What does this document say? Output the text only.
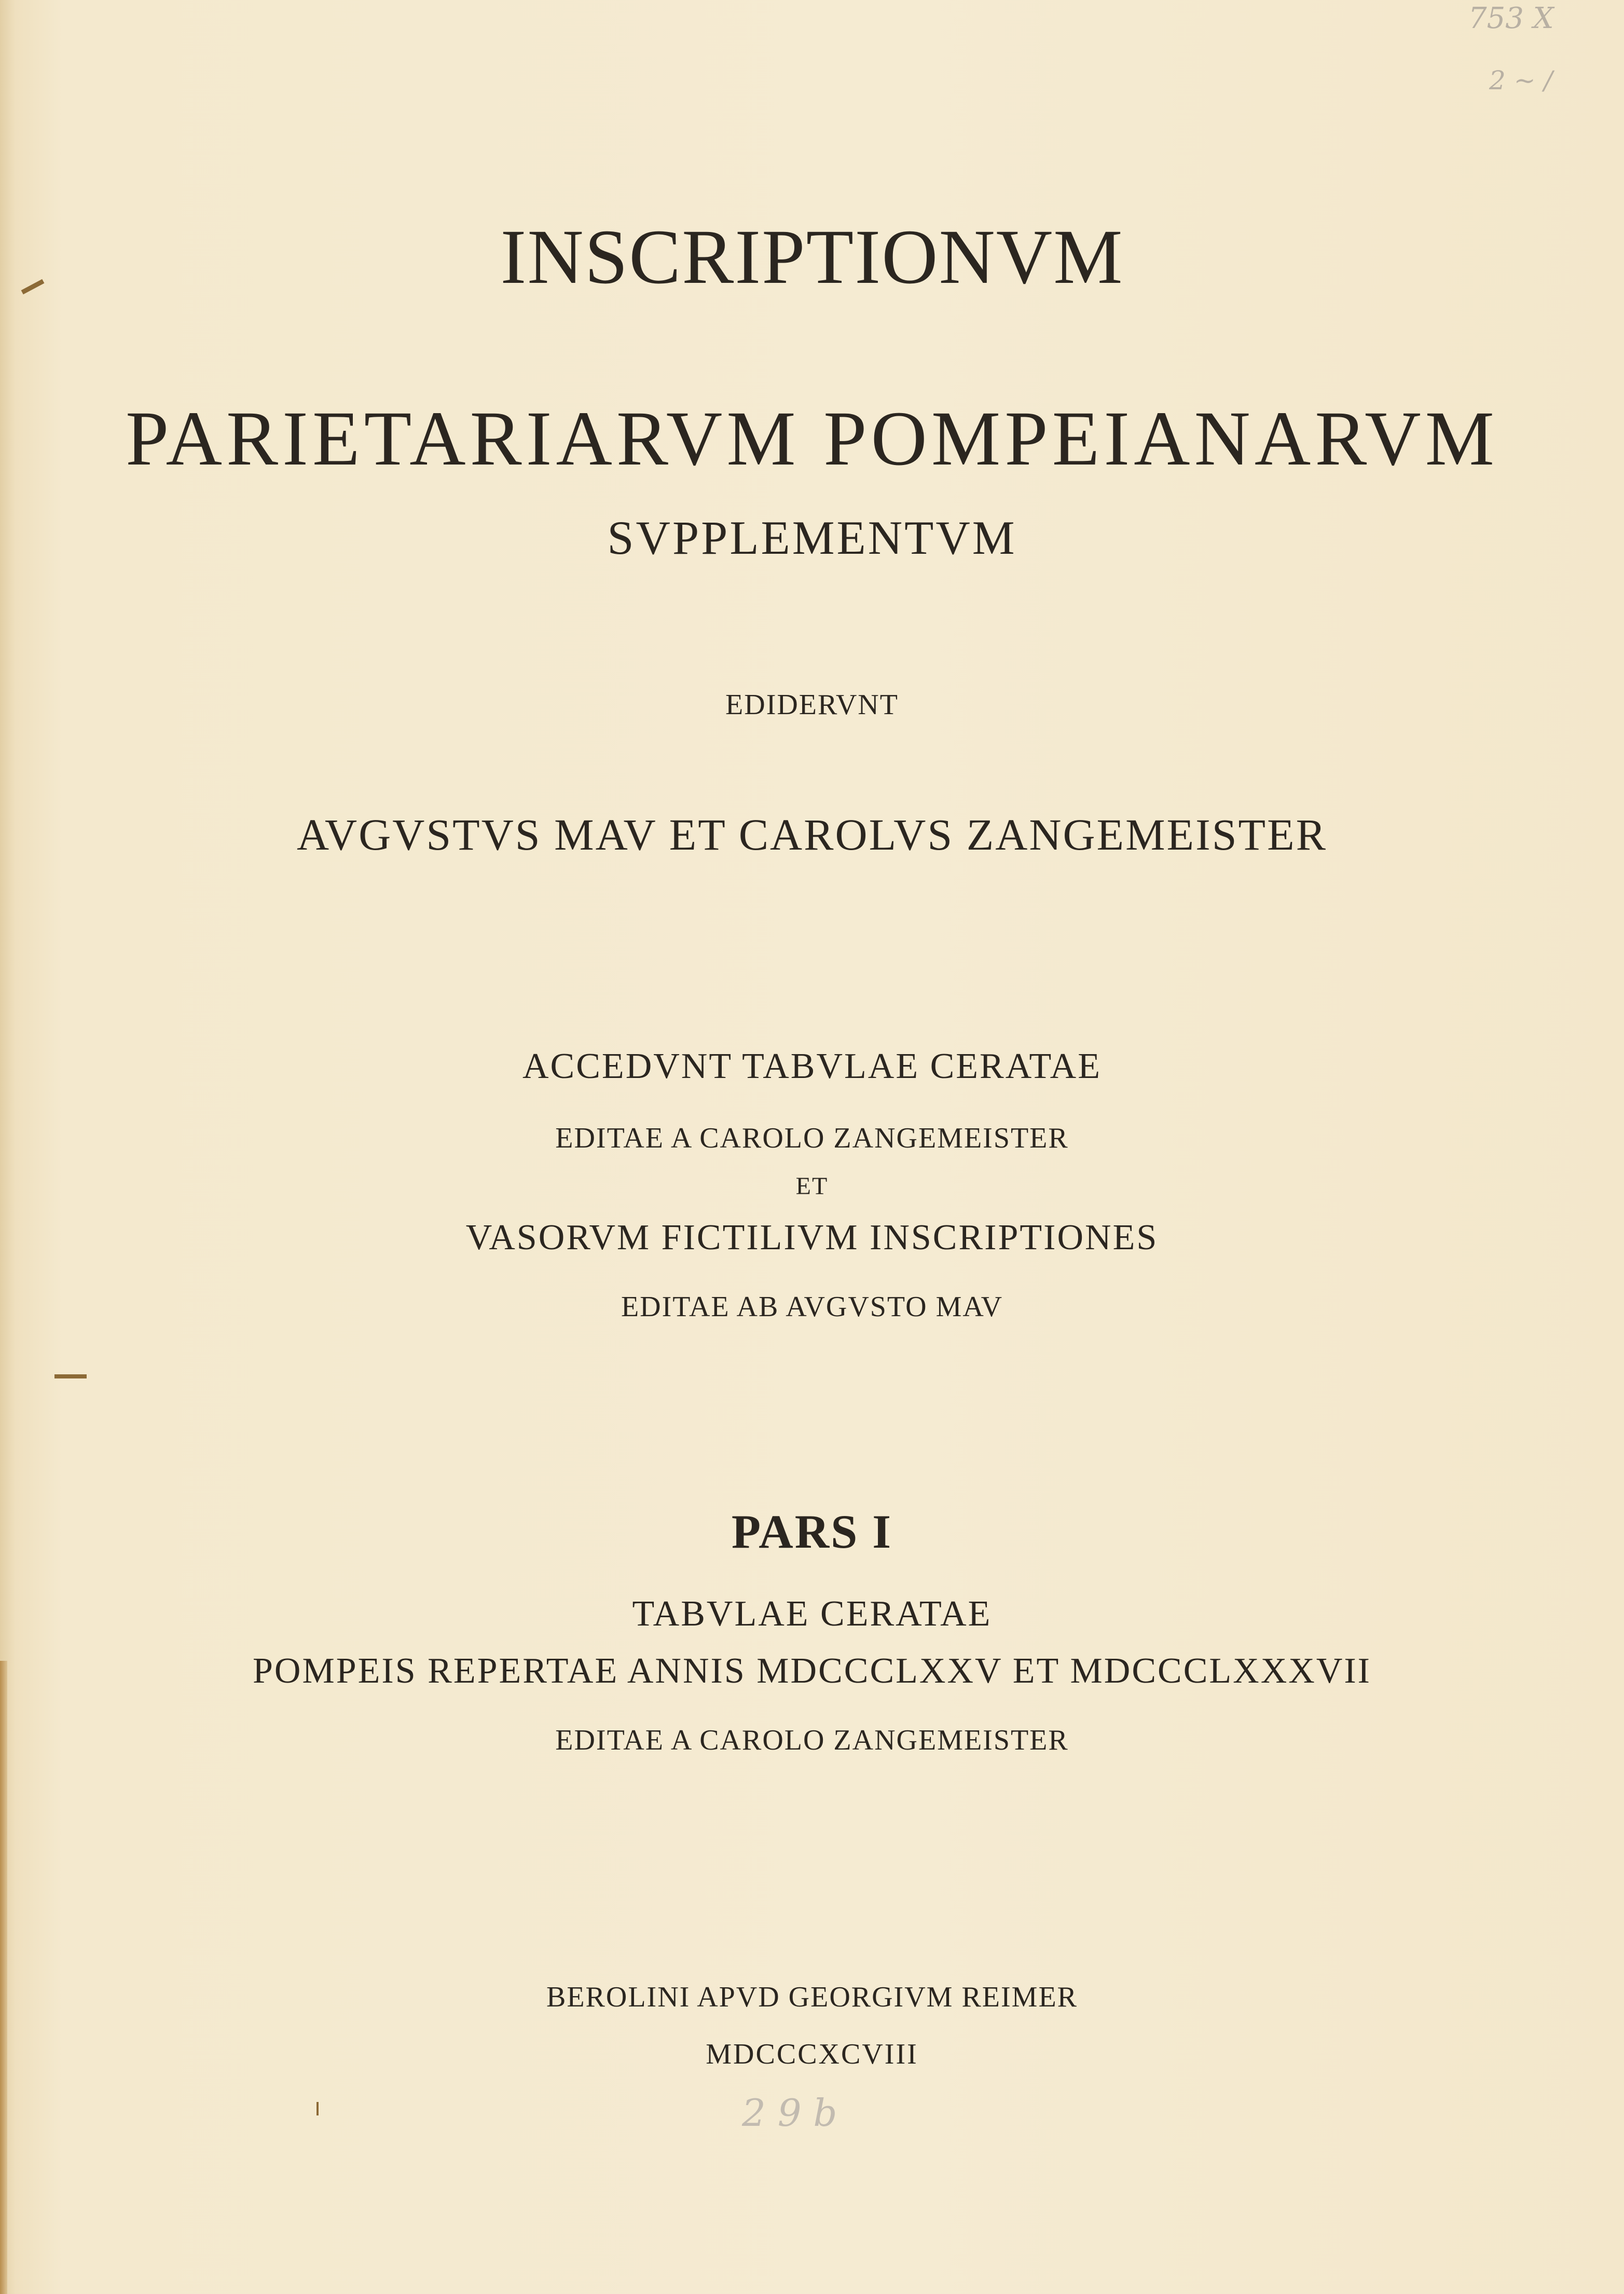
753 X
2 ~ /
INSCRIPTIONVM
PARIETARIARVM POMPEIANARVM
SVPPLEMENTVM
EDIDERVNT
AVGVSTVS MAV ET CAROLVS ZANGEMEISTER
ACCEDVNT TABVLAE CERATAE
EDITAE A CAROLO ZANGEMEISTER
ET
VASORVM FICTILIVM INSCRIPTIONES
EDITAE AB AVGVSTO MAV
PARS I
TABVLAE CERATAE
POMPEIS REPERTAE ANNIS MDCCCLXXV ET MDCCCLXXXVII
EDITAE A CAROLO ZANGEMEISTER
BEROLINI APVD GEORGIVM REIMER
MDCCCXCVIII
2 9 b
